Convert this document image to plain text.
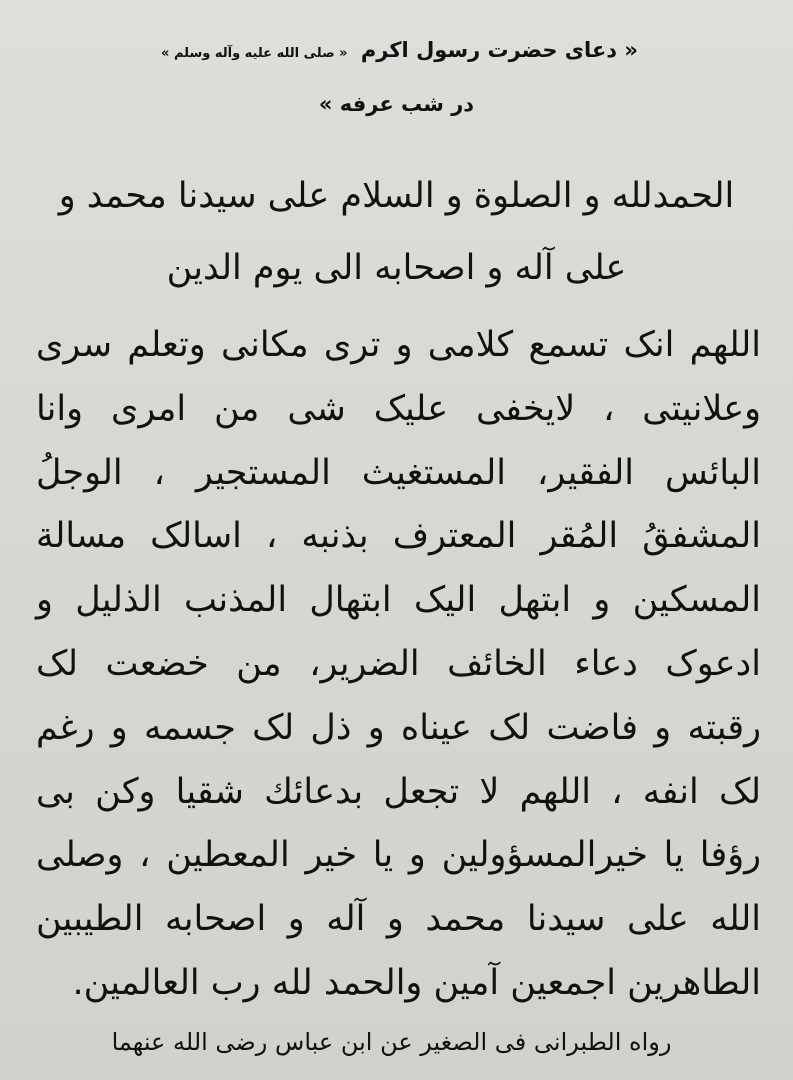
« دعای حضرت رسول اکرم « صلی الله علیه وآله وسلم »
در شب عرفه »
الحمدلله و الصلوة و السلام علی سیدنا محمد و
علی آله و اصحابه الی یوم الدین
اللهم انک تسمع کلامی و تری مکانی وتعلم سری
وعلانیتی ، لایخفی علیک شی من امری وانا
البائس الفقیر، المستغیث المستجیر ، الوجلُ
المشفقُ المُقر المعترف بذنبه ، اسالک مسالة
المسکین و ابتهل الیک ابتهال المذنب الذلیل و
ادعوک دعاء الخائف الضریر، من خضعت لک
رقبته و فاضت لک عیناه و ذل لک جسمه و رغم
لک انفه ، اللهم لا تجعل بدعائك شقیا وکن بی
رؤفا یا خیرالمسؤولین و یا خیر المعطین ، وصلی
الله علی سیدنا محمد و آله و اصحابه الطیبین
الطاهرین اجمعین آمین والحمد لله رب العالمین.
رواه الطبرانی فی الصغیر عن ابن عباس رضی الله عنهما
